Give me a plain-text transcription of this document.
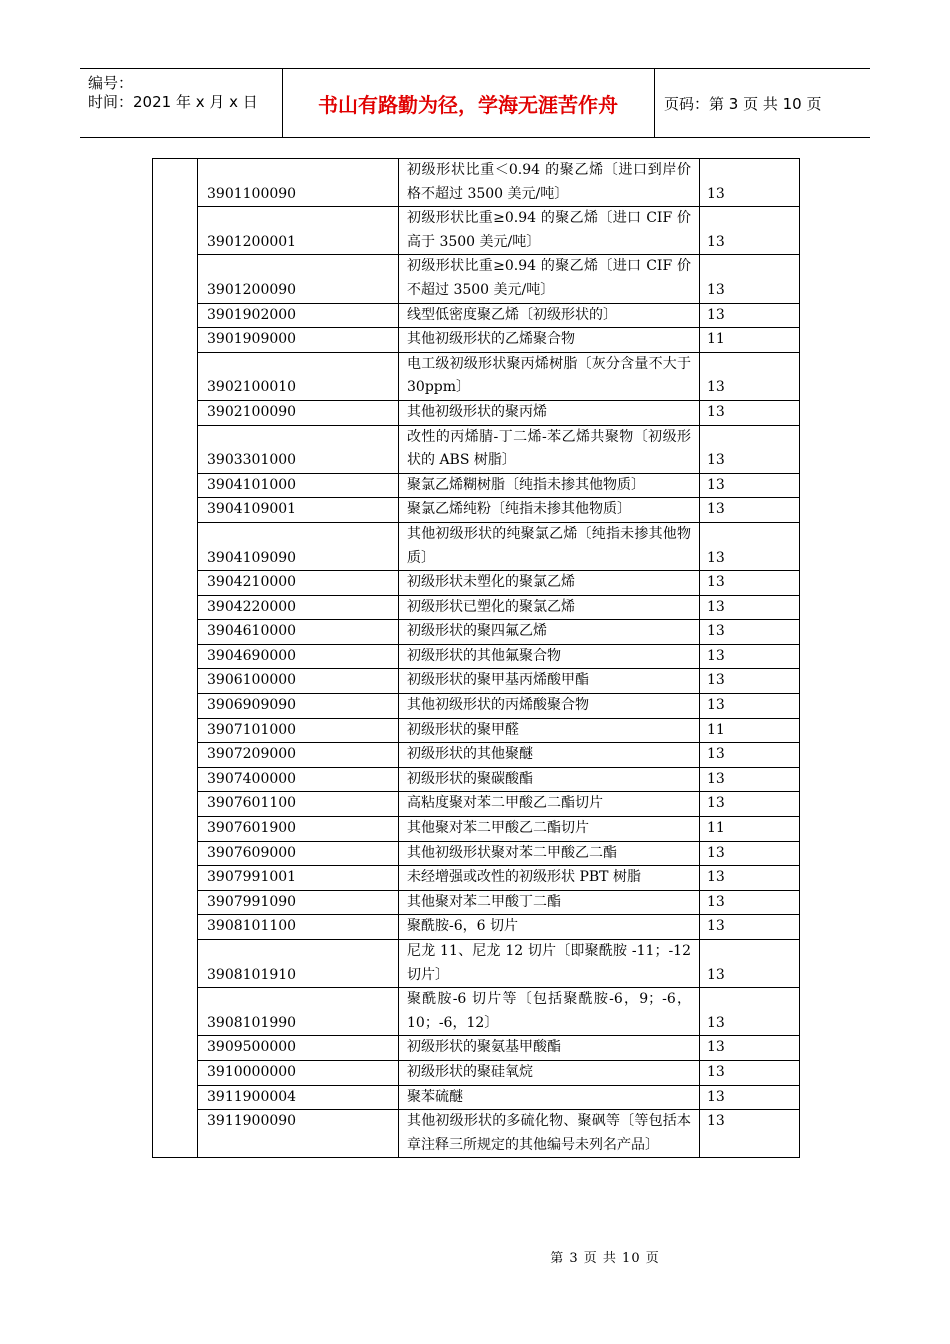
编号：
时间：2021 年 x 月 x 日	书山有路勤为径，学海无涯苦作舟	页码：第 3 页 共 10 页
	3901100090	初级形状比重＜0.94 的聚乙烯〔进口到岸价格不超过 3500 美元/吨〕	13
	3901200001	初级形状比重≥0.94 的聚乙烯〔进口 CIF 价高于 3500 美元/吨〕	13
	3901200090	初级形状比重≥0.94 的聚乙烯〔进口 CIF 价不超过 3500 美元/吨〕	13
	3901902000	线型低密度聚乙烯〔初级形状的〕	13
	3901909000	其他初级形状的乙烯聚合物	11
	3902100010	电工级初级形状聚丙烯树脂〔灰分含量不大于 30ppm〕	13
	3902100090	其他初级形状的聚丙烯	13
	3903301000	改性的丙烯腈-丁二烯-苯乙烯共聚物〔初级形状的 ABS 树脂〕	13
	3904101000	聚氯乙烯糊树脂〔纯指未掺其他物质〕	13
	3904109001	聚氯乙烯纯粉〔纯指未掺其他物质〕	13
	3904109090	其他初级形状的纯聚氯乙烯〔纯指未掺其他物质〕	13
	3904210000	初级形状未塑化的聚氯乙烯	13
	3904220000	初级形状已塑化的聚氯乙烯	13
	3904610000	初级形状的聚四氟乙烯	13
	3904690000	初级形状的其他氟聚合物	13
	3906100000	初级形状的聚甲基丙烯酸甲酯	13
	3906909090	其他初级形状的丙烯酸聚合物	13
	3907101000	初级形状的聚甲醛	11
	3907209000	初级形状的其他聚醚	13
	3907400000	初级形状的聚碳酸酯	13
	3907601100	高粘度聚对苯二甲酸乙二酯切片	13
	3907601900	其他聚对苯二甲酸乙二酯切片	11
	3907609000	其他初级形状聚对苯二甲酸乙二酯	13
	3907991001	未经增强或改性的初级形状 PBT 树脂	13
	3907991090	其他聚对苯二甲酸丁二酯	13
	3908101100	聚酰胺-6，6 切片	13
	3908101910	尼龙 11、尼龙 12 切片〔即聚酰胺 -11；-12 切片〕	13
	3908101990	聚酰胺-6 切片等〔包括聚酰胺-6，9；-6，10；-6，12〕	13
	3909500000	初级形状的聚氨基甲酸酯	13
	3910000000	初级形状的聚硅氧烷	13
	3911900004	聚苯硫醚	13
	3911900090	其他初级形状的多硫化物、聚砜等〔等包括本章注释三所规定的其他编号未列名产品〕	13
第 3 页 共 10 页
